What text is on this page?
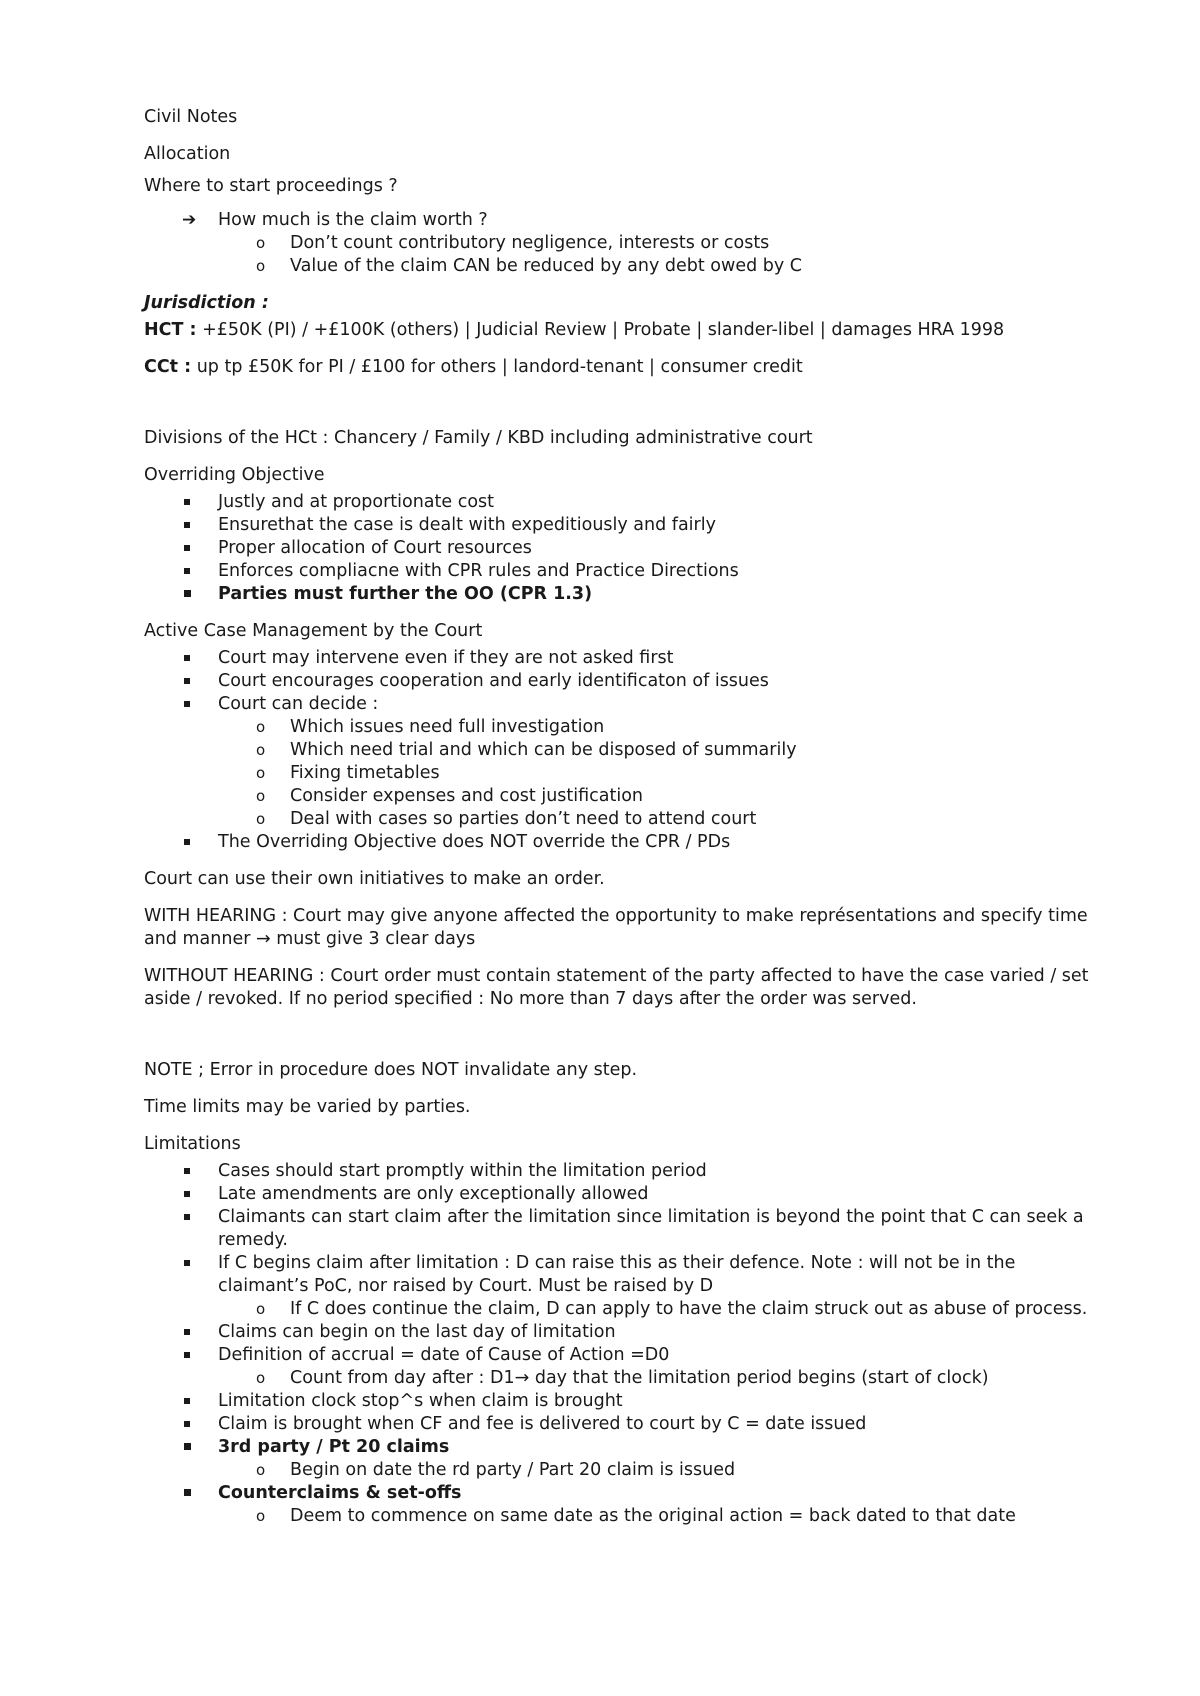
Civil Notes

Allocation

Where to start proceedings ?

➔ How much is the claim worth ?
o Don’t count contributory negligence, interests or costs
o Value of the claim CAN be reduced by any debt owed by C

Jurisdiction :

HCT : +£50K (PI) / +£100K (others) | Judicial Review | Probate | slander-libel | damages HRA 1998

CCt : up tp £50K for PI / £100 for others | landord-tenant | consumer credit

Divisions of the HCt : Chancery / Family / KBD including administrative court

Overriding Objective

Justly and at proportionate cost
Ensurethat the case is dealt with expeditiously and fairly
Proper allocation of Court resources
Enforces compliacne with CPR rules and Practice Directions
Parties must further the OO (CPR 1.3)

Active Case Management by the Court

Court may intervene even if they are not asked first
Court encourages cooperation and early identificaton of issues
Court can decide :
o Which issues need full investigation
o Which need trial and which can be disposed of summarily
o Fixing timetables
o Consider expenses and cost justification
o Deal with cases so parties don’t need to attend court
The Overriding Objective does NOT override the CPR / PDs

Court can use their own initiatives to make an order.

WITH HEARING : Court may give anyone affected the opportunity to make représentations and specify time and manner → must give 3 clear days

WITHOUT HEARING : Court order must contain statement of the party affected to have the case varied / set aside / revoked. If no period specified : No more than 7 days after the order was served.

NOTE ; Error in procedure does NOT invalidate any step.

Time limits may be varied by parties.

Limitations

Cases should start promptly within the limitation period
Late amendments are only exceptionally allowed
Claimants can start claim after the limitation since limitation is beyond the point that C can seek a remedy.
If C begins claim after limitation : D can raise this as their defence. Note : will not be in the claimant’s PoC, nor raised by Court. Must be raised by D
o If C does continue the claim, D can apply to have the claim struck out as abuse of process.
Claims can begin on the last day of limitation
Definition of accrual = date of Cause of Action =D0
o Count from day after : D1→ day that the limitation period begins (start of clock)
Limitation clock stop^s when claim is brought
Claim is brought when CF and fee is delivered to court by C = date issued
3rd party / Pt 20 claims
o Begin on date the rd party / Part 20 claim is issued
Counterclaims & set-offs
o Deem to commence on same date as the original action = back dated to that date
